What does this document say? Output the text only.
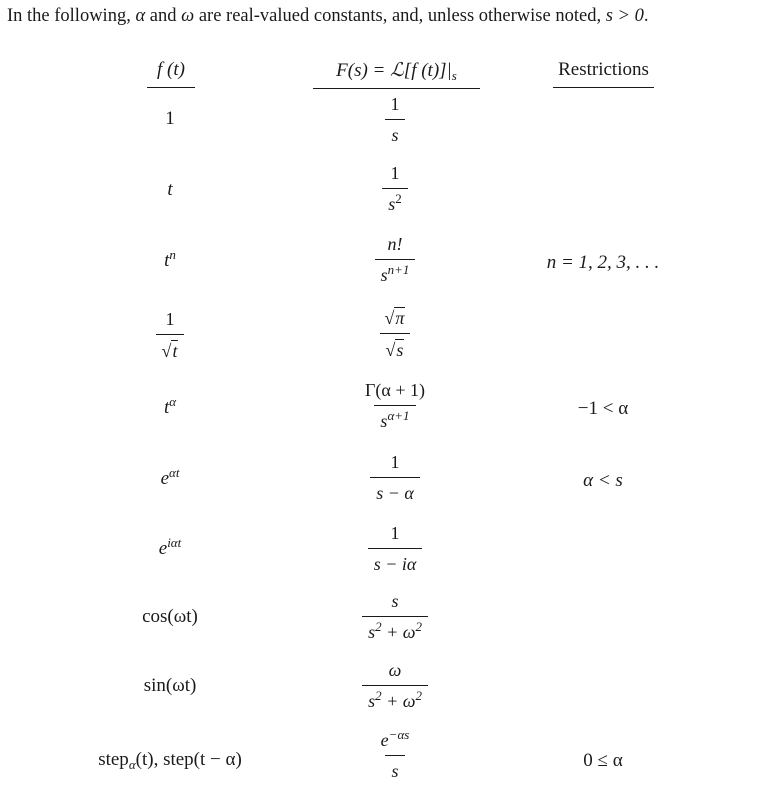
In the following, α and ω are real-valued constants, and, unless otherwise noted, s > 0.
f (t)	F(s) = ℒ[f $(t)]|_s$	Restrictions
1	$\frac{1}{s}$
t	$\frac{1}{s^2}$
$t^n$	$\frac{n!}{s^{n+1}}$	n = 1, 2, 3, . . .
$\frac{1}{√ t}$	$\frac{√ \pi}{√ s}$
$t^\alpha$	$\frac{\Gamma(\alpha + 1)}{s^{\alpha+1}}$	−1 < α
$e^{\alpha t}$	$\frac{1}{s - \alpha}$	α < s
$e^{i\alpha t}$	$\frac{1}{s - i\alpha}$
cos(ωt)	$\frac{s}{s^2 + \omega^2}$
sin(ωt)	$\frac{\omega}{s^2 + \omega^2}$
step$_\alpha$(t), step(t − α)	$\frac{e^{-\alpha s}}{s}$	0 ≤ α
